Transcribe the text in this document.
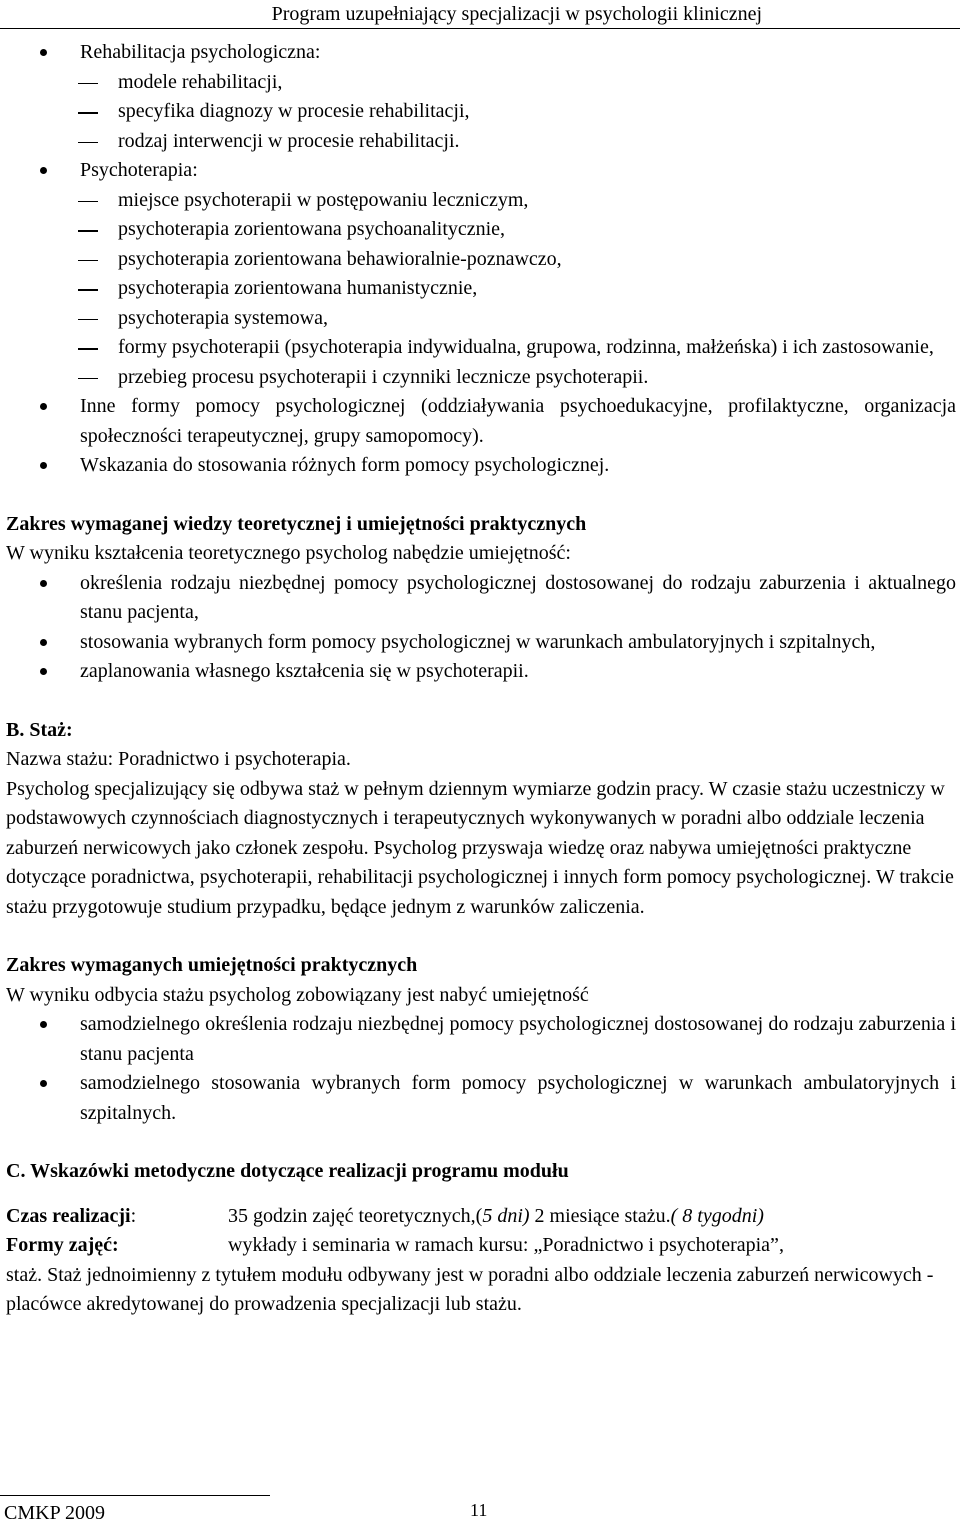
Program uzupełniający specjalizacji w psychologii klinicznej
Rehabilitacja psychologiczna:
modele rehabilitacji,
specyfika diagnozy w procesie rehabilitacji,
rodzaj interwencji w procesie rehabilitacji.
Psychoterapia:
miejsce psychoterapii w postępowaniu leczniczym,
psychoterapia zorientowana psychoanalitycznie,
psychoterapia zorientowana behawioralnie-poznawczo,
psychoterapia zorientowana humanistycznie,
psychoterapia systemowa,
formy psychoterapii (psychoterapia indywidualna, grupowa, rodzinna, małżeńska) i ich zastosowanie,
przebieg procesu psychoterapii i czynniki lecznicze psychoterapii.
Inne formy pomocy psychologicznej (oddziaływania psychoedukacyjne, profilaktyczne, organizacja społeczności terapeutycznej, grupy samopomocy).
Wskazania do stosowania różnych form pomocy psychologicznej.

Zakres wymaganej wiedzy teoretycznej i umiejętności praktycznych

W wyniku kształcenia teoretycznego psycholog nabędzie umiejętność:

określenia rodzaju niezbędnej pomocy psychologicznej dostosowanej do rodzaju zaburzenia i aktualnego stanu pacjenta,
stosowania wybranych form pomocy psychologicznej w warunkach ambulatoryjnych i szpitalnych,
zaplanowania własnego kształcenia się w psychoterapii.

B. Staż:

Nazwa stażu: Poradnictwo i psychoterapia.

Psycholog specjalizujący się odbywa staż w pełnym dziennym wymiarze godzin pracy. W czasie stażu uczestniczy w podstawowych czynnościach diagnostycznych i terapeutycznych wykonywanych w poradni albo oddziale leczenia zaburzeń nerwicowych jako członek zespołu. Psycholog przyswaja wiedzę oraz nabywa umiejętności praktyczne dotyczące poradnictwa, psychoterapii, rehabilitacji psychologicznej i innych form pomocy psychologicznej. W trakcie stażu przygotowuje studium przypadku, będące jednym z warunków zaliczenia.

Zakres wymaganych umiejętności praktycznych

W wyniku odbycia stażu psycholog zobowiązany jest nabyć umiejętność

samodzielnego określenia rodzaju niezbędnej pomocy psychologicznej dostosowanej do rodzaju zaburzenia i stanu pacjenta
samodzielnego stosowania wybranych form pomocy psychologicznej w warunkach ambulatoryjnych i szpitalnych.

C. Wskazówki metodyczne dotyczące realizacji programu modułu

Czas realizacji:	35 godzin zajęć teoretycznych,(5 dni) 2 miesiące stażu.( 8 tygodni)
Formy zajęć:	wykłady i seminaria w ramach kursu: „Poradnictwo i psychoterapia”,

staż. Staż jednoimienny z tytułem modułu odbywany jest w poradni albo oddziale leczenia zaburzeń nerwicowych - placówce akredytowanej do prowadzenia specjalizacji lub stażu.

CMKP 2009	11
